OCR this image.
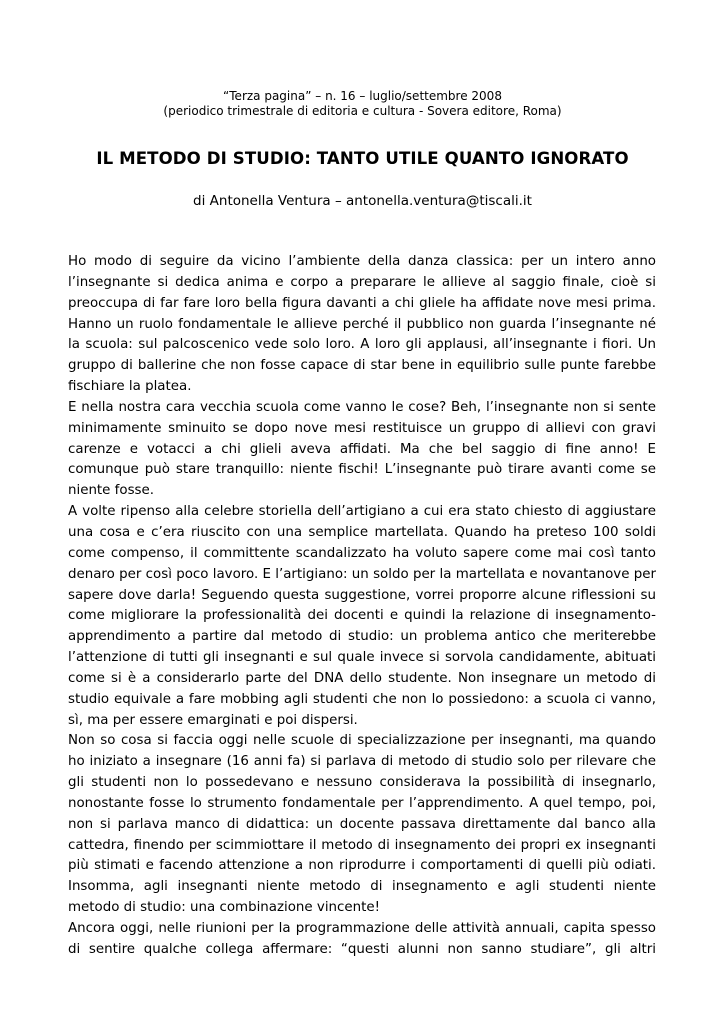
“Terza pagina” – n. 16 – luglio/settembre 2008
(periodico trimestrale di editoria e cultura - Sovera editore, Roma)
IL METODO DI STUDIO: TANTO UTILE QUANTO IGNORATO
di Antonella Ventura – antonella.ventura@tiscali.it

Ho modo di seguire da vicino l’ambiente della danza classica: per un intero anno l’insegnante si dedica anima e corpo a preparare le allieve al saggio finale, cioè si preoccupa di far fare loro bella figura davanti a chi gliele ha affidate nove mesi prima. Hanno un ruolo fondamentale le allieve perché il pubblico non guarda l’insegnante né la scuola: sul palcoscenico vede solo loro. A loro gli applausi, all’insegnante i fiori. Un gruppo di ballerine che non fosse capace di star bene in equilibrio sulle punte farebbe fischiare la platea.

E nella nostra cara vecchia scuola come vanno le cose? Beh, l’insegnante non si sente minimamente sminuito se dopo nove mesi restituisce un gruppo di allievi con gravi carenze e votacci a chi glieli aveva affidati. Ma che bel saggio di fine anno! E comunque può stare tranquillo: niente fischi! L’insegnante può tirare avanti come se niente fosse.

A volte ripenso alla celebre storiella dell’artigiano a cui era stato chiesto di aggiustare una cosa e c’era riuscito con una semplice martellata. Quando ha preteso 100 soldi come compenso, il committente scandalizzato ha voluto sapere come mai così tanto denaro per così poco lavoro. E l’artigiano: un soldo per la martellata e novantanove per sapere dove darla! Seguendo questa suggestione, vorrei proporre alcune riflessioni su come migliorare la professionalità dei docenti e quindi la relazione di insegnamento-apprendimento a partire dal metodo di studio: un problema antico che meriterebbe l’attenzione di tutti gli insegnanti e sul quale invece si sorvola candidamente, abituati come si è a considerarlo parte del DNA dello studente. Non insegnare un metodo di studio equivale a fare mobbing agli studenti che non lo possiedono: a scuola ci vanno, sì, ma per essere emarginati e poi dispersi.

Non so cosa si faccia oggi nelle scuole di specializzazione per insegnanti, ma quando ho iniziato a insegnare (16 anni fa) si parlava di metodo di studio solo per rilevare che gli studenti non lo possedevano e nessuno considerava la possibilità di insegnarlo, nonostante fosse lo strumento fondamentale per l’apprendimento. A quel tempo, poi, non si parlava manco di didattica: un docente passava direttamente dal banco alla cattedra, finendo per scimmiottare il metodo di insegnamento dei propri ex insegnanti più stimati e facendo attenzione a non riprodurre i comportamenti di quelli più odiati. Insomma, agli insegnanti niente metodo di insegnamento e agli studenti niente metodo di studio: una combinazione vincente!

Ancora oggi, nelle riunioni per la programmazione delle attività annuali, capita spesso di sentire qualche collega affermare: “questi alunni non sanno studiare”, gli altri
